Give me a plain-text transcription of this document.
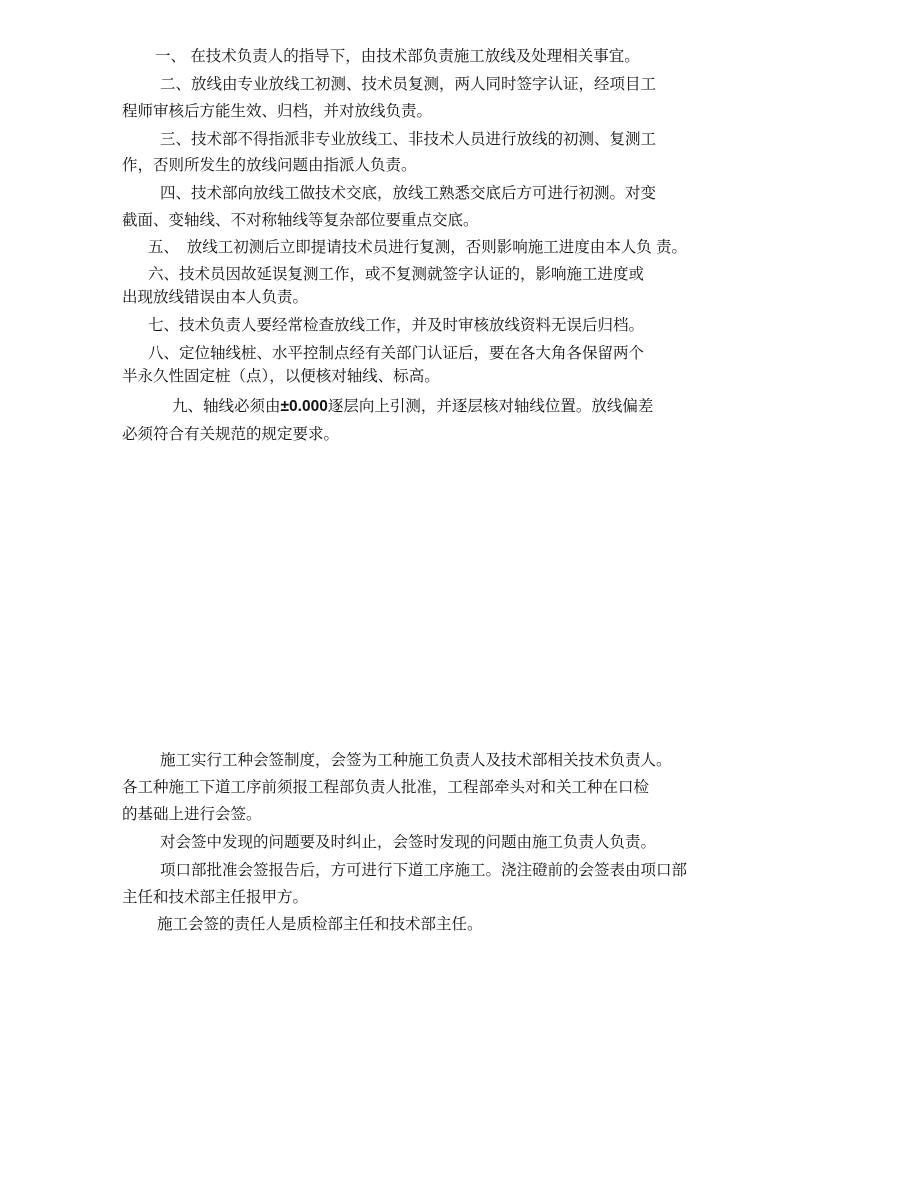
一、 在技术负责人的指导下，由技术部负责施工放线及处理相关事宜。
二、放线由专业放线工初测、技术员复测，两人同时签字认证，经项目工
程师审核后方能生效、归档，并对放线负责。
三、技术部不得指派非专业放线工、非技术人员进行放线的初测、复测工
作，否则所发生的放线问题由指派人负责。
四、技术部向放线工做技术交底，放线工熟悉交底后方可进行初测。对变
截面、变轴线、不对称轴线等复杂部位要重点交底。
五、　放线工初测后立即提请技术员进行复测，否则影响施工进度由本人负 责。
六、技术员因故延误复测工作，或不复测就签字认证的，影响施工进度或
出现放线错误由本人负责。
七、技术负责人要经常检查放线工作，并及时审核放线资料无误后归档。
八、定位轴线桩、水平控制点经有关部门认证后，要在各大角各保留两个
半永久性固定桩（点），以便核对轴线、标高。
九、轴线必须由±0.000逐层向上引测，并逐层核对轴线位置。放线偏差
必须符合有关规范的规定要求。
施工实行工种会签制度，会签为工种施工负责人及技术部相关技术负责人。
各工种施工下道工序前须报工程部负责人批准，工程部牵头对和关工种在口检
的基础上进行会签。
对会签中发现的问题要及时纠止，会签时发现的问题由施工负责人负责。
项口部批准会签报告后，方可进行下道工序施工。浇注磴前的会签表由项口部
主任和技术部主任报甲方。
施工会签的责任人是质检部主任和技术部主任。
